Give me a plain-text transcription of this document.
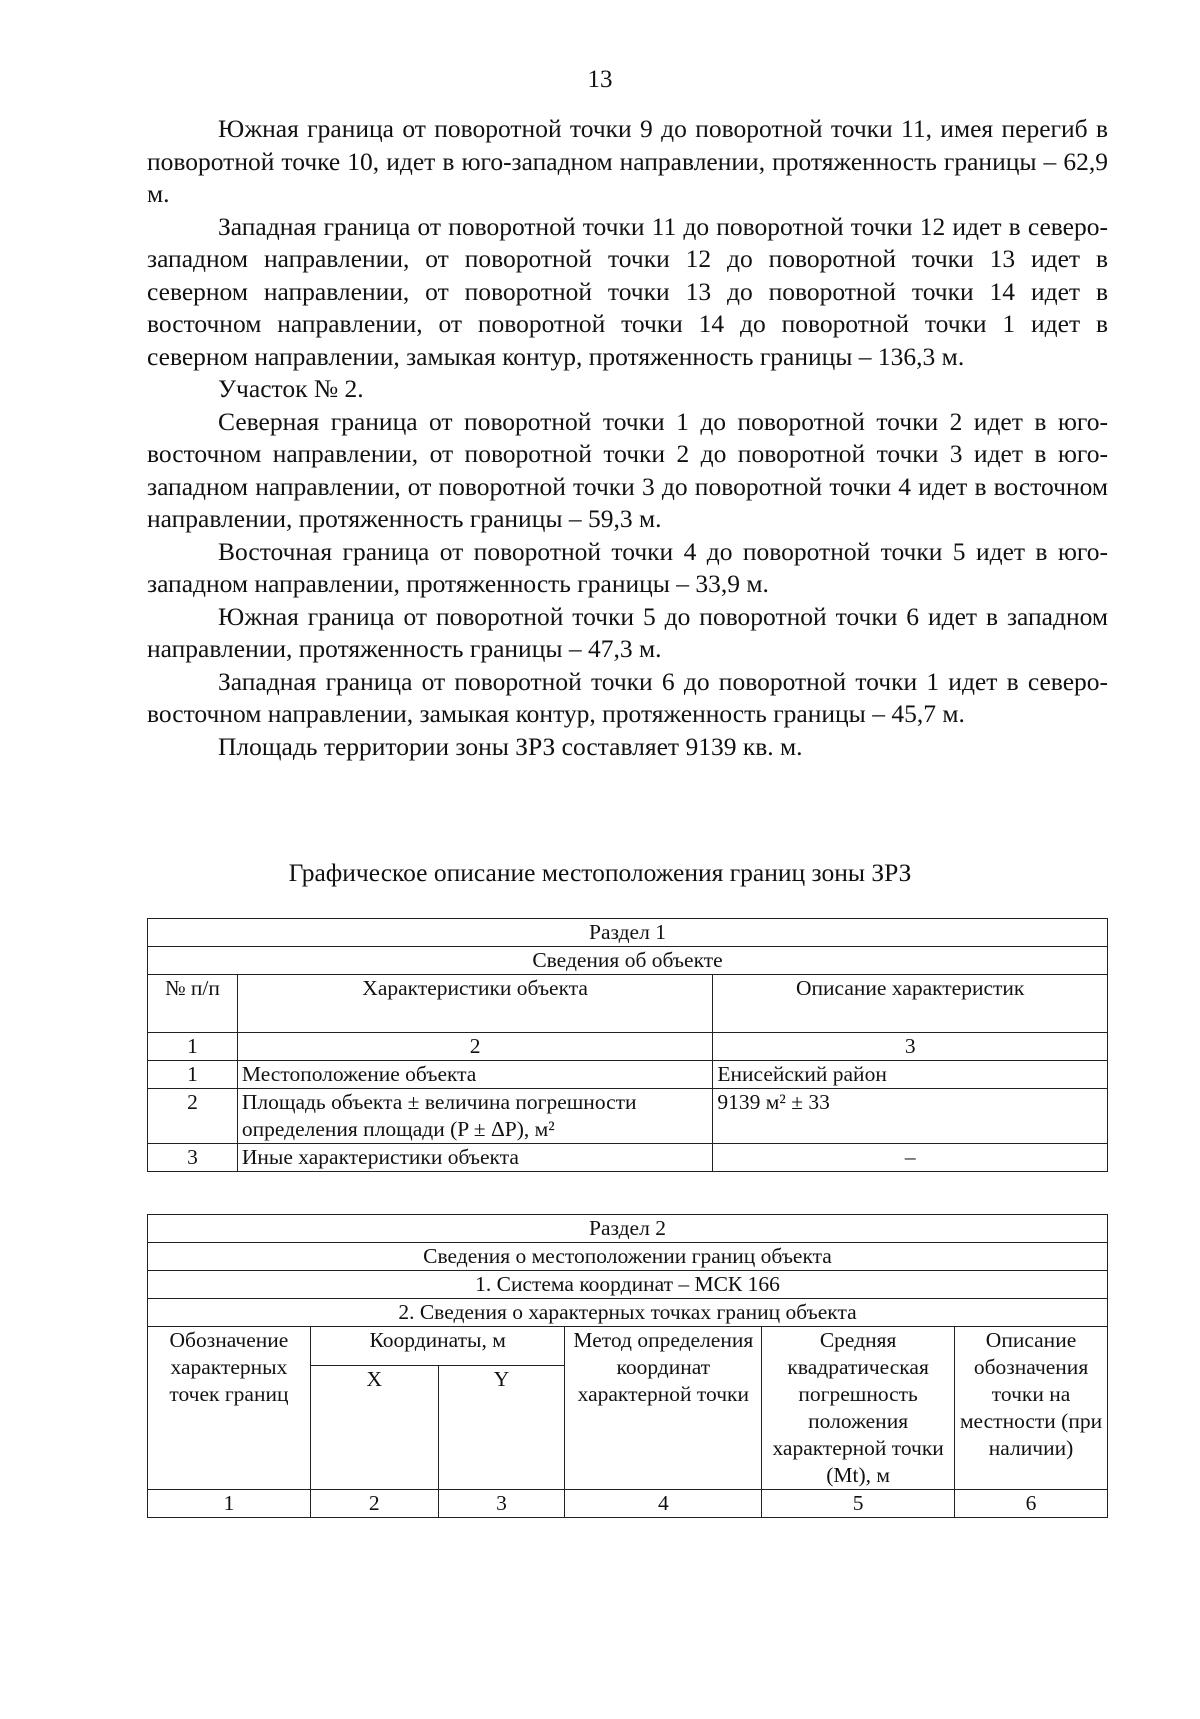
13

Южная граница от поворотной точки 9 до поворотной точки 11, имея перегиб в поворотной точке 10, идет в юго-западном направлении, протяженность границы – 62,9 м.

Западная граница от поворотной точки 11 до поворотной точки 12 идет в северо-западном направлении, от поворотной точки 12 до поворотной точки 13 идет в северном направлении, от поворотной точки 13 до поворотной точки 14 идет в восточном направлении, от поворотной точки 14 до поворотной точки 1 идет в северном направлении, замыкая контур, протяженность границы – 136,3 м.

Участок № 2.

Северная граница от поворотной точки 1 до поворотной точки 2 идет в юго-восточном направлении, от поворотной точки 2 до поворотной точки 3 идет в юго-западном направлении, от поворотной точки 3 до поворотной точки 4 идет в восточном направлении, протяженность границы – 59,3 м.

Восточная граница от поворотной точки 4 до поворотной точки 5 идет в юго-западном направлении, протяженность границы – 33,9 м.

Южная граница от поворотной точки 5 до поворотной точки 6 идет в западном направлении, протяженность границы – 47,3 м.

Западная граница от поворотной точки 6 до поворотной точки 1 идет в северо-восточном направлении, замыкая контур, протяженность границы – 45,7 м.

Площадь территории зоны ЗРЗ составляет 9139 кв. м.

Графическое описание местоположения границ зоны ЗРЗ
Раздел 1		
Сведения об объекте		
№ п/п	Характеристики объекта	Описание характеристик
1	2	3
1	Местоположение объекта	Енисейский район
2	Площадь объекта ± величина погрешности определения площади (P ± ΔP), м²	9139 м² ± 33
3	Иные характеристики объекта	–
Раздел 2					
Сведения о местоположении границ объекта					
1. Система координат – МСК 166					
2. Сведения о характерных точках границ объекта					
Обозначение характерных точек границ	Координаты, м		Метод определения координат характерной точки	Средняя квадратическая погрешность положения характерной точки (Mt), м	Описание обозначения точки на местности (при наличии)
	X	Y			
1	2	3	4	5	6
